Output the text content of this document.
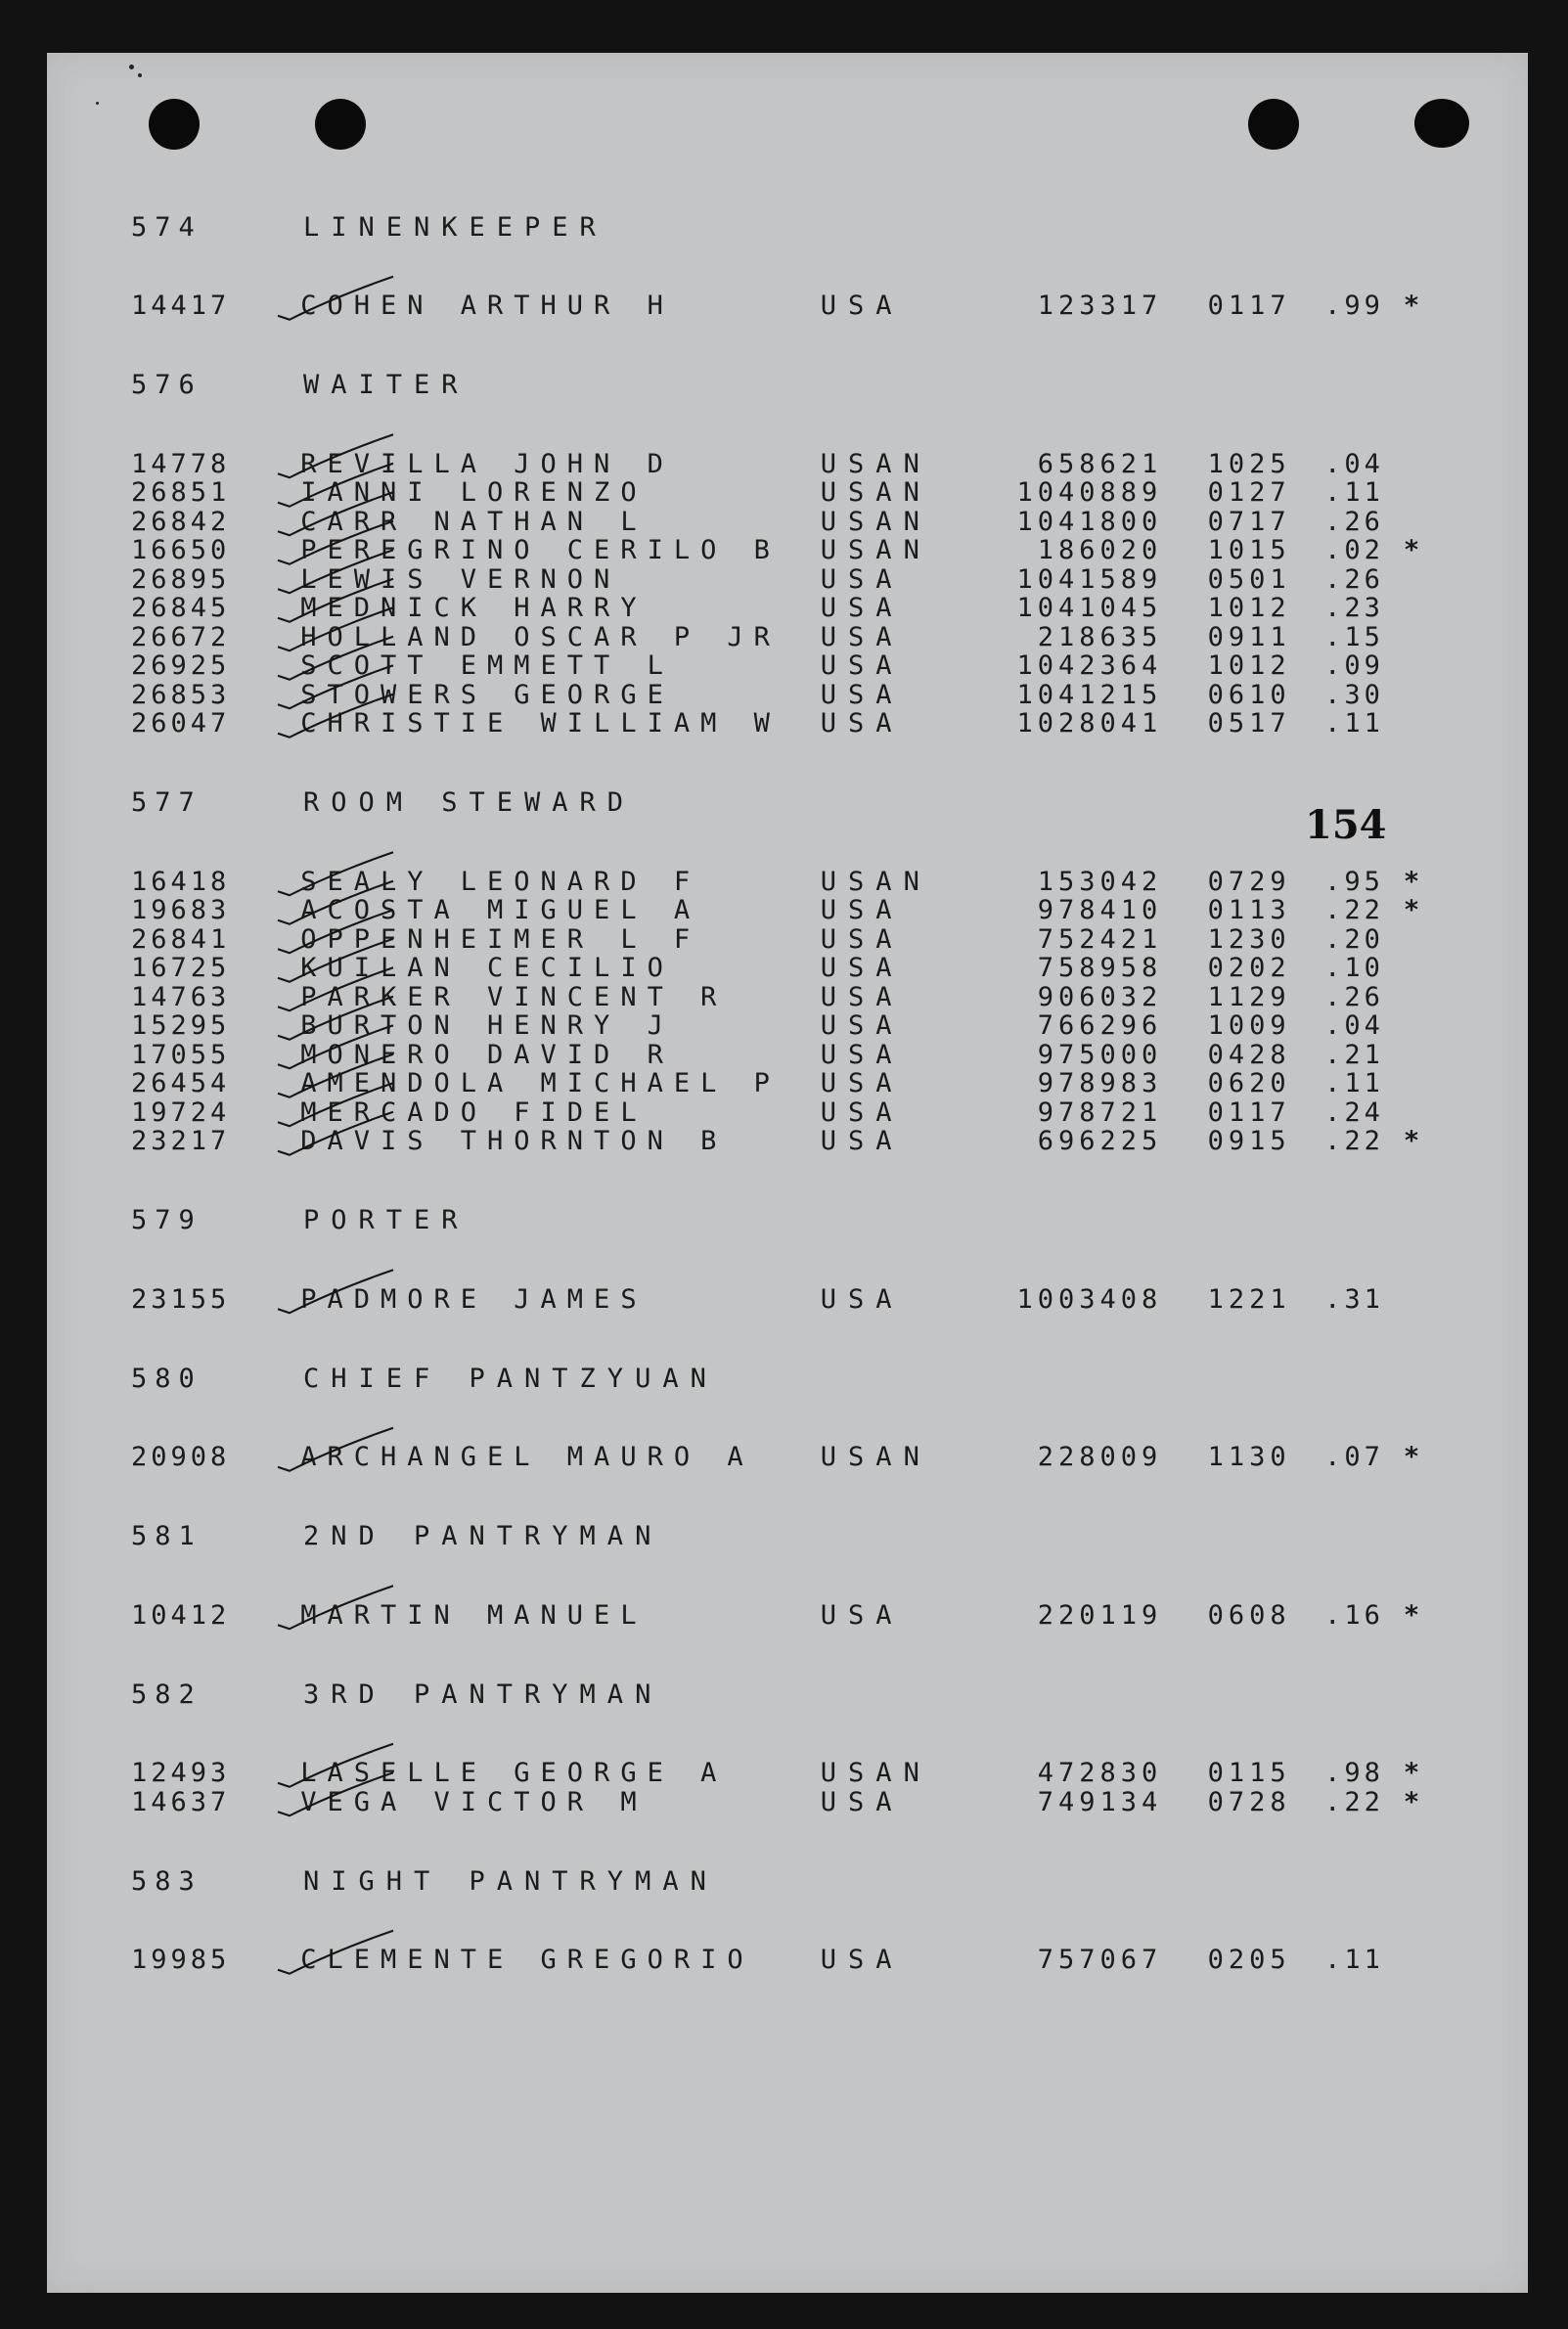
154
574	LINENKEEPER
14417	COHEN ARTHUR H	USA	123317	0117	.99 *
576	WAITER
14778	REVILLA JOHN D	USAN	658621	1025	.04
26851	IANNI LORENZO	USAN	1040889	0127	.11
26842	CARR NATHAN L	USAN	1041800	0717	.26
16650	PEREGRINO CERILO B	USAN	186020	1015	.02 *
26895	LEWIS VERNON	USA	1041589	0501	.26
26845	MEDNICK HARRY	USA	1041045	1012	.23
26672	HOLLAND OSCAR P JR	USA	218635	0911	.15
26925	SCOTT EMMETT L	USA	1042364	1012	.09
26853	STOWERS GEORGE	USA	1041215	0610	.30
26047	CHRISTIE WILLIAM W	USA	1028041	0517	.11
577	ROOM STEWARD
16418	SEALY LEONARD F	USAN	153042	0729	.95 *
19683	ACOSTA MIGUEL A	USA	978410	0113	.22 *
26841	OPPENHEIMER L F	USA	752421	1230	.20
16725	KUILAN CECILIO	USA	758958	0202	.10
14763	PARKER VINCENT R	USA	906032	1129	.26
15295	BURTON HENRY J	USA	766296	1009	.04
17055	MONERO DAVID R	USA	975000	0428	.21
26454	AMENDOLA MICHAEL P	USA	978983	0620	.11
19724	MERCADO FIDEL	USA	978721	0117	.24
23217	DAVIS THORNTON B	USA	696225	0915	.22 *
579	PORTER
23155	PADMORE JAMES	USA	1003408	1221	.31
580	CHIEF PANTZYUAN
20908	ARCHANGEL MAURO A	USAN	228009	1130	.07 *
581	2ND PANTRYMAN
10412	MARTIN MANUEL	USA	220119	0608	.16 *
582	3RD PANTRYMAN
12493	LASELLE GEORGE A	USAN	472830	0115	.98 *
14637	VEGA VICTOR M	USA	749134	0728	.22 *
583	NIGHT PANTRYMAN
19985	CLEMENTE GREGORIO	USA	757067	0205	.11
